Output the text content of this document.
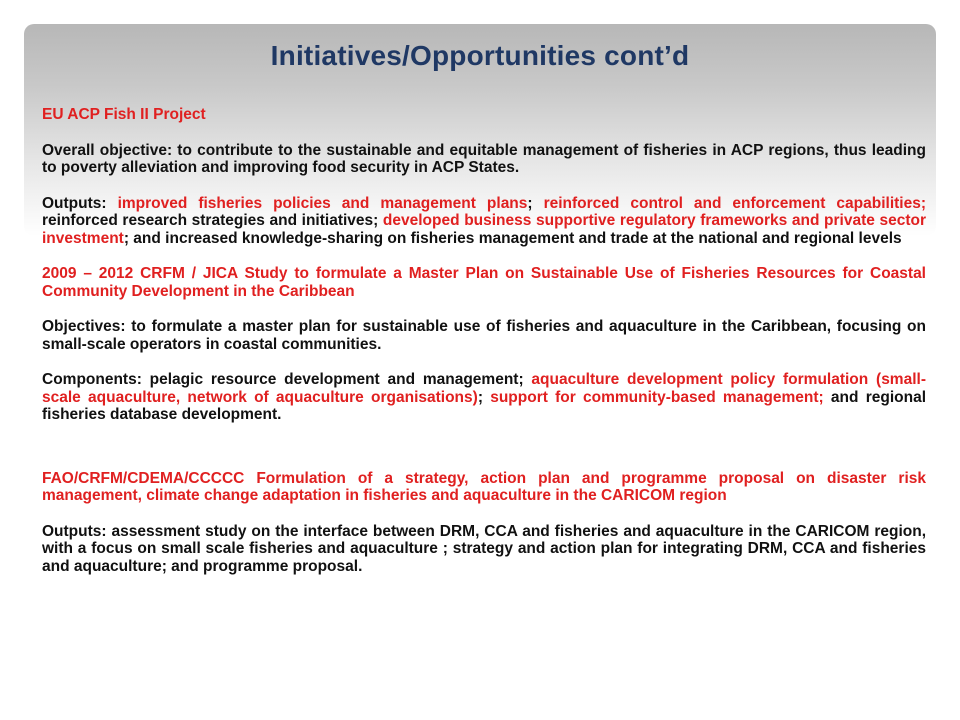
Initiatives/Opportunities cont’d

EU ACP Fish II Project

Overall objective: to contribute to the sustainable and equitable management of fisheries in ACP regions, thus leading to poverty alleviation and improving food security in ACP States.

Outputs: improved fisheries policies and management plans; reinforced control and enforcement capabilities; reinforced research strategies and initiatives; developed business supportive regulatory frameworks and private sector investment; and increased knowledge-sharing on fisheries management and trade at the national and regional levels

2009 – 2012 CRFM / JICA Study to formulate a Master Plan on Sustainable Use of Fisheries Resources for Coastal Community Development in the Caribbean

Objectives: to formulate a master plan for sustainable use of fisheries and aquaculture in the Caribbean, focusing on small-scale operators in coastal communities.

Components: pelagic resource development and management; aquaculture development policy formulation (small-scale aquaculture, network of aquaculture organisations); support for community-based management; and regional fisheries database development.

FAO/CRFM/CDEMA/CCCCC Formulation of a strategy, action plan and programme proposal on disaster risk management, climate change adaptation in fisheries and aquaculture in the CARICOM region

Outputs: assessment study on the interface between DRM, CCA and fisheries and aquaculture in the CARICOM region, with a focus on small scale fisheries and aquaculture ; strategy and action plan for integrating DRM, CCA and fisheries and aquaculture; and programme proposal.
